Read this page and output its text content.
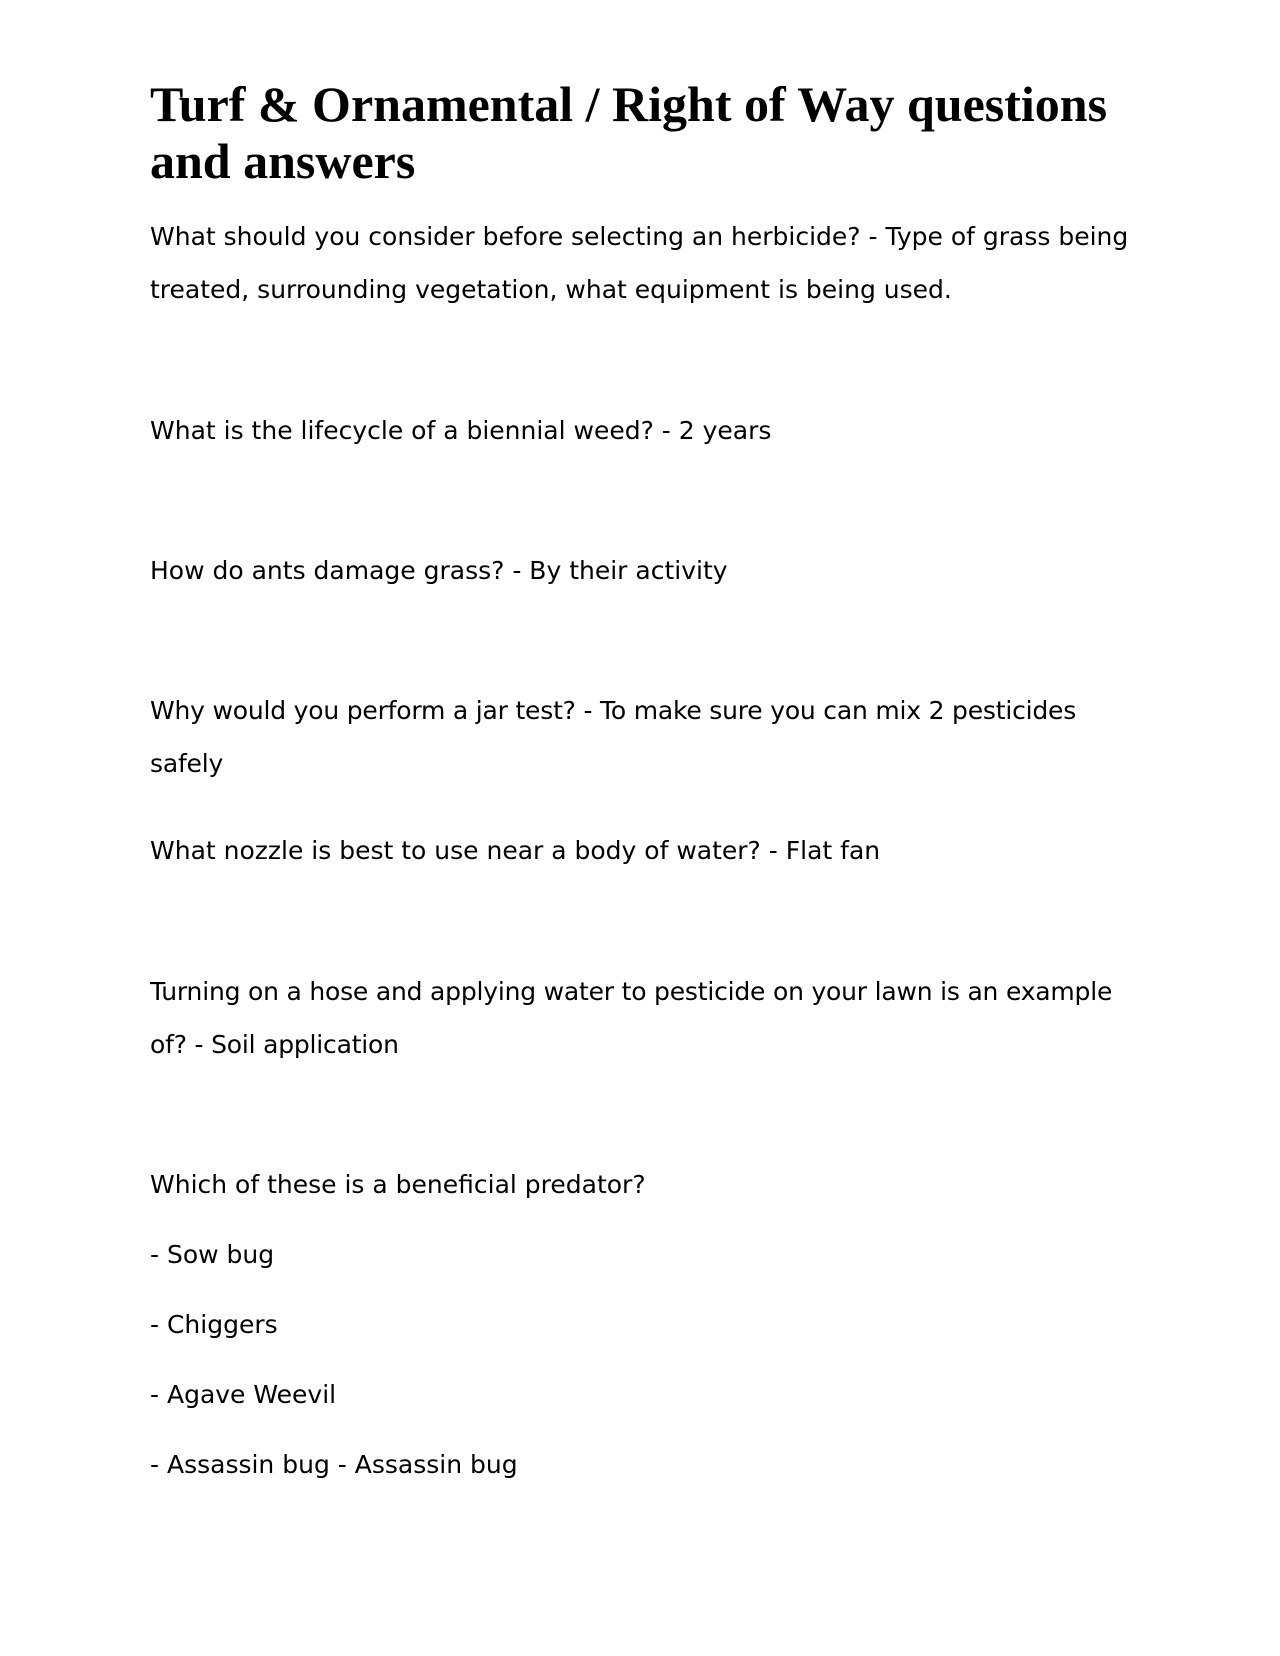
Turf & Ornamental / Right of Way questions and answers

What should you consider before selecting an herbicide? - Type of grass being treated, surrounding vegetation, what equipment is being used.

What is the lifecycle of a biennial weed? - 2 years

How do ants damage grass? - By their activity

Why would you perform a jar test? - To make sure you can mix 2 pesticides safely

What nozzle is best to use near a body of water? - Flat fan

Turning on a hose and applying water to pesticide on your lawn is an example of? - Soil application

Which of these is a beneficial predator?

- Sow bug

- Chiggers

- Agave Weevil

- Assassin bug - Assassin bug
